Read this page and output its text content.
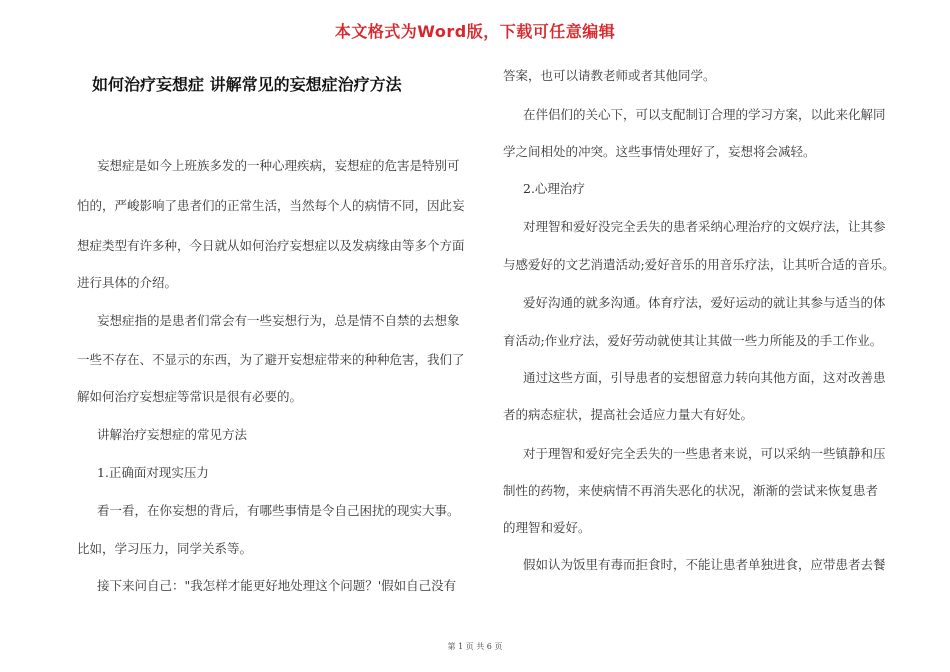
本文格式为Word版，下载可任意编辑
如何治疗妄想症 讲解常见的妄想症治疗方法
妄想症是如今上班族多发的一种心理疾病，妄想症的危害是特别可
怕的，严峻影响了患者们的正常生活，当然每个人的病情不同，因此妄
想症类型有许多种，今日就从如何治疗妄想症以及发病缘由等多个方面
进行具体的介绍。
妄想症指的是患者们常会有一些妄想行为，总是情不自禁的去想象
一些不存在、不显示的东西，为了避开妄想症带来的种种危害，我们了
解如何治疗妄想症等常识是很有必要的。
讲解治疗妄想症的常见方法
1.正确面对现实压力
看一看，在你妄想的背后，有哪些事情是令自己困扰的现实大事。
比如，学习压力，同学关系等。
接下来问自己："我怎样才能更好地处理这个问题？'假如自己没有
答案，也可以请教老师或者其他同学。
在伴侣们的关心下，可以支配制订合理的学习方案，以此来化解同
学之间相处的冲突。这些事情处理好了，妄想将会减轻。
2.心理治疗
对理智和爱好没完全丢失的患者采纳心理治疗的文娱疗法，让其参
与感爱好的文艺消遣活动;爱好音乐的用音乐疗法，让其听合适的音乐。
爱好沟通的就多沟通。体育疗法，爱好运动的就让其参与适当的体
育活动;作业疗法，爱好劳动就使其让其做一些力所能及的手工作业。
通过这些方面，引导患者的妄想留意力转向其他方面，这对改善患
者的病态症状，提高社会适应力量大有好处。
对于理智和爱好完全丢失的一些患者来说，可以采纳一些镇静和压
制性的药物，来使病情不再消失恶化的状况，渐渐的尝试来恢复患者
的理智和爱好。
假如认为饭里有毒而拒食时，不能让患者单独进食，应带患者去餐
第 1 页 共 6 页
